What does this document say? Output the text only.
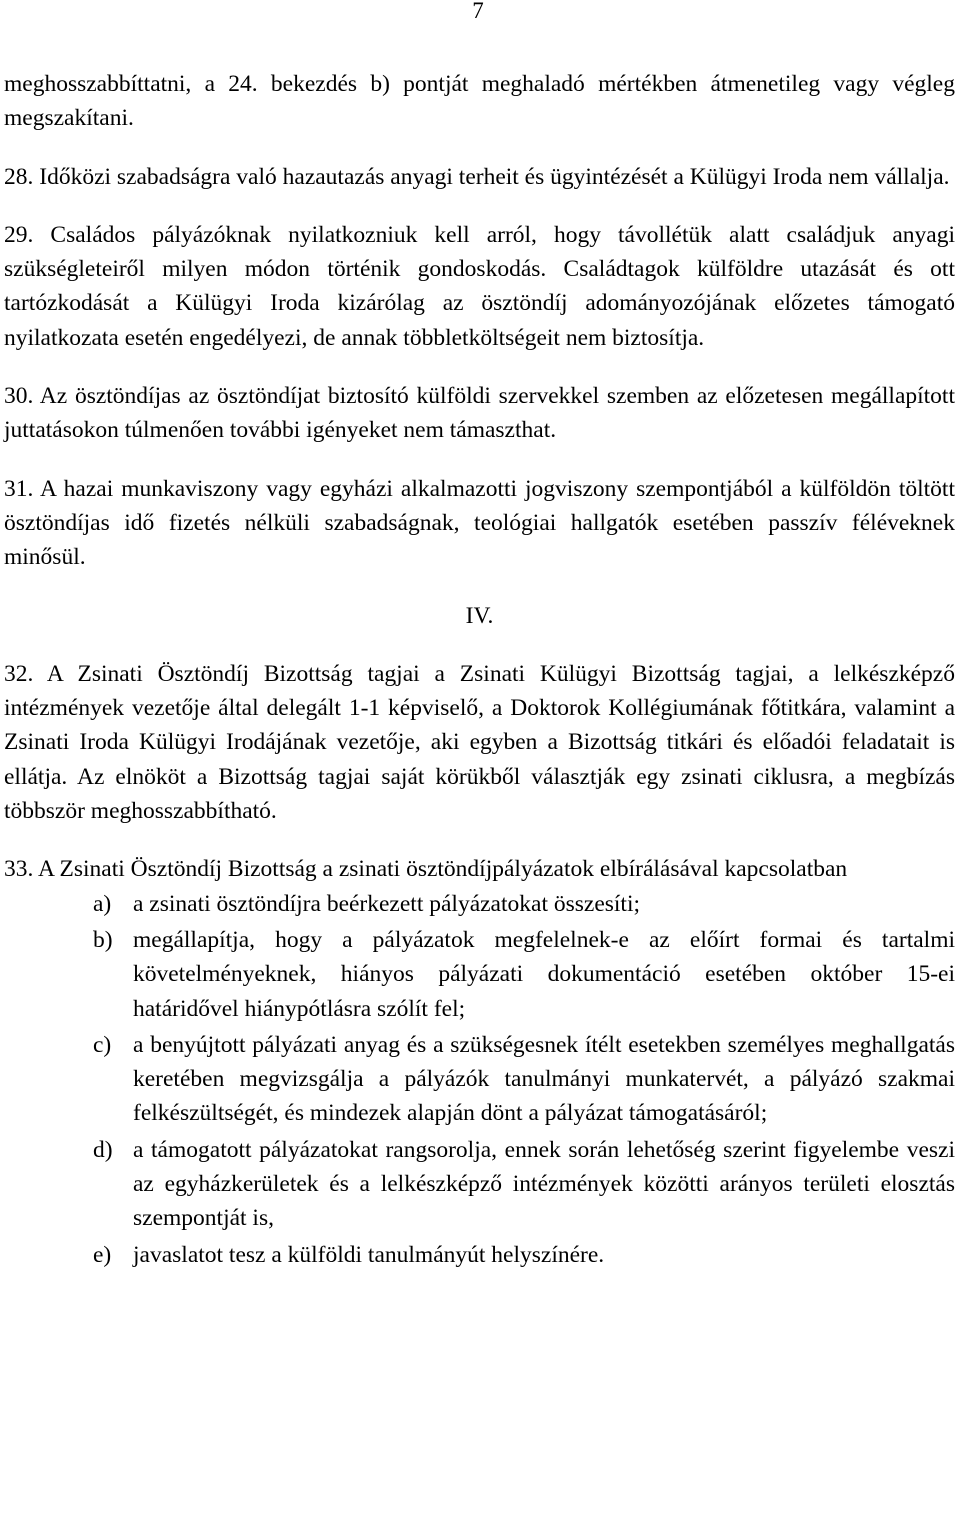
7

meghosszabbíttatni, a 24. bekezdés b) pontját meghaladó mértékben átmenetileg vagy végleg megszakítani.

28. Időközi szabadságra való hazautazás anyagi terheit és ügyintézését a Külügyi Iroda nem vállalja.

29. Családos pályázóknak nyilatkozniuk kell arról, hogy távollétük alatt családjuk anyagi szükségleteiről milyen módon történik gondoskodás. Családtagok külföldre utazását és ott tartózkodását a Külügyi Iroda kizárólag az ösztöndíj adományozójának előzetes támogató nyilatkozata esetén engedélyezi, de annak többletköltségeit nem biztosítja.

30. Az ösztöndíjas az ösztöndíjat biztosító külföldi szervekkel szemben az előzetesen megállapított juttatásokon túlmenően további igényeket nem támaszthat.

31. A hazai munkaviszony vagy egyházi alkalmazotti jogviszony szempontjából a külföldön töltött ösztöndíjas idő fizetés nélküli szabadságnak, teológiai hallgatók esetében passzív féléveknek minősül.

IV.

32. A Zsinati Ösztöndíj Bizottság tagjai a Zsinati Külügyi Bizottság tagjai, a lelkészképző intézmények vezetője által delegált 1-1 képviselő, a Doktorok Kollégiumának főtitkára, valamint a Zsinati Iroda Külügyi Irodájának vezetője, aki egyben a Bizottság titkári és előadói feladatait is ellátja. Az elnököt a Bizottság tagjai saját körükből választják egy zsinati ciklusra, a megbízás többször meghosszabbítható.

33. A Zsinati Ösztöndíj Bizottság a zsinati ösztöndíjpályázatok elbírálásával kapcsolatban

a) a zsinati ösztöndíjra beérkezett pályázatokat összesíti;
b) megállapítja, hogy a pályázatok megfelelnek-e az előírt formai és tartalmi követelményeknek, hiányos pályázati dokumentáció esetében október 15-ei határidővel hiánypótlásra szólít fel;
c) a benyújtott pályázati anyag és a szükségesnek ítélt esetekben személyes meghallgatás keretében megvizsgálja a pályázók tanulmányi munkatervét, a pályázó szakmai felkészültségét, és mindezek alapján dönt a pályázat támogatásáról;
d) a támogatott pályázatokat rangsorolja, ennek során lehetőség szerint figyelembe veszi az egyházkerületek és a lelkészképző intézmények közötti arányos területi elosztás szempontját is,
e) javaslatot tesz a külföldi tanulmányút helyszínére.
